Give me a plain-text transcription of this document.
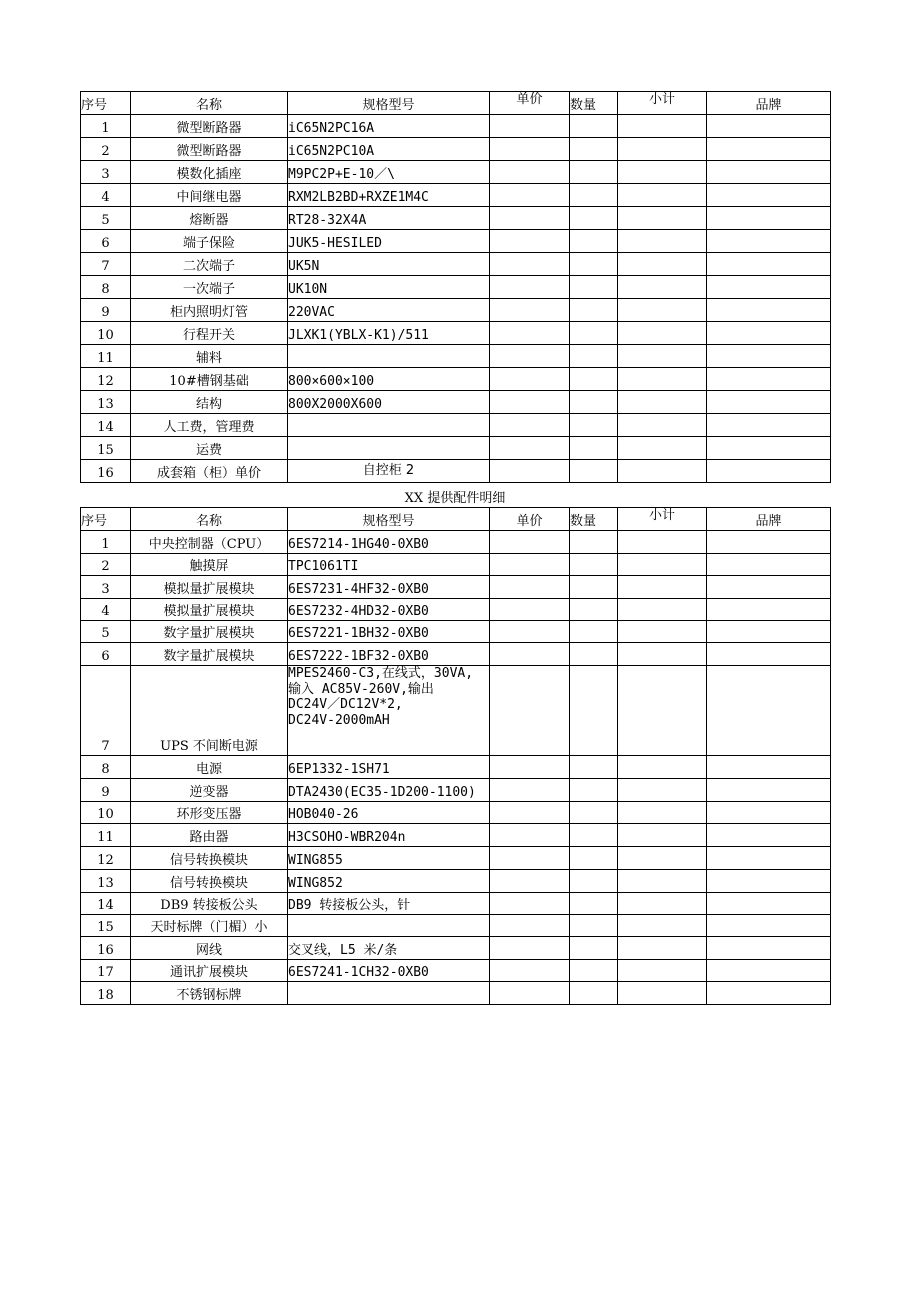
序号	名称	规格型号	单价	数量	小计	品牌
1	微型断路器	iC65N2PC16A				
2	微型断路器	iC65N2PC10A				
3	模数化插座	M9PC2P+E-10／\				
4	中间继电器	RXM2LB2BD+RXZE1M4C				
5	熔断器	RT28-32X4A				
6	端子保险	JUK5-HESILED				
7	二次端子	UK5N				
8	一次端子	UK10N				
9	柜内照明灯管	220VAC				
10	行程开关	JLXK1(YBLX-K1)/511				
11	辅料					
12	10#槽钢基础	800×600×100				
13	结构	800X2000X600				
14	人工费，管理费					
15	运费					
16	成套箱（柜）单价	自控柜 2				
XX 提供配件明细
序号	名称	规格型号	单价	数量	小计	品牌
1	中央控制器（CPU）	6ES7214-1HG40-0XB0				
2	触摸屏	TPC1061TI				
3	模拟量扩展模块	6ES7231-4HF32-0XB0				
4	模拟量扩展模块	6ES7232-4HD32-0XB0				
5	数字量扩展模块	6ES7221-1BH32-0XB0				
6	数字量扩展模块	6ES7222-1BF32-0XB0				
7	UPS 不间断电源	MPES2460-C3,在线式，30VA,
输入 AC85V-260V,输出
DC24V／DC12V*2,
DC24V-2000mAH				

8	电源	6EP1332-1SH71				
9	逆变器	DTA2430(EC35-1D200-1100)				
10	环形变压器	HOB040-26				
11	路由器	H3CSOHO-WBR204n				
12	信号转换模块	WING855				
13	信号转换模块	WING852				
14	DB9 转接板公头	DB9 转接板公头，针				
15	天时标牌（门楣）小					
16	网线	交叉线，L5 米/条				
17	通讯扩展模块	6ES7241-1CH32-0XB0				
18	不锈钢标牌					
